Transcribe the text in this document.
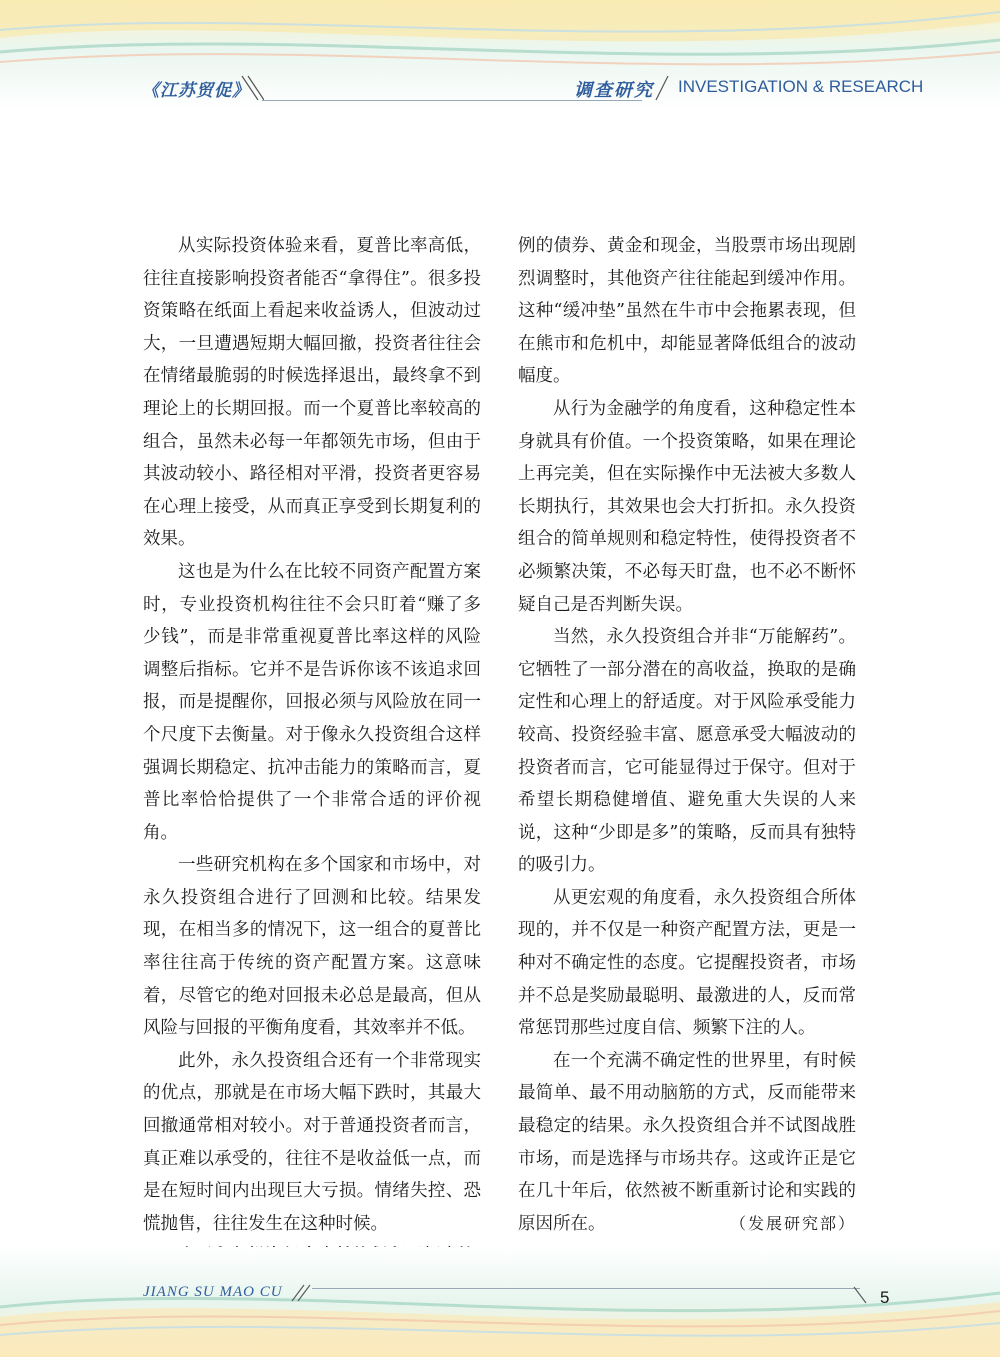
《江苏贸促》	调查研究 INVESTIGATION & RESEARCH

从实际投资体验来看，夏普比率高低，往往直接影响投资者能否“拿得住”。很多投资策略在纸面上看起来收益诱人，但波动过大，一旦遭遇短期大幅回撤，投资者往往会在情绪最脆弱的时候选择退出，最终拿不到理论上的长期回报。而一个夏普比率较高的组合，虽然未必每一年都领先市场，但由于其波动较小、路径相对平滑，投资者更容易在心理上接受，从而真正享受到长期复利的效果。

这也是为什么在比较不同资产配置方案时，专业投资机构往往不会只盯着“赚了多少钱”，而是非常重视夏普比率这样的风险调整后指标。它并不是告诉你该不该追求回报，而是提醒你，回报必须与风险放在同一个尺度下去衡量。对于像永久投资组合这样强调长期稳定、抗冲击能力的策略而言，夏普比率恰恰提供了一个非常合适的评价视角。

一些研究机构在多个国家和市场中，对永久投资组合进行了回测和比较。结果发现，在相当多的情况下，这一组合的夏普比率往往高于传统的资产配置方案。这意味着，尽管它的绝对回报未必总是最高，但从风险与回报的平衡角度看，其效率并不低。

此外，永久投资组合还有一个非常现实的优点，那就是在市场大幅下跌时，其最大回撤通常相对较小。对于普通投资者而言，真正难以承受的，往往不是收益低一点，而是在短时间内出现巨大亏损。情绪失控、恐慌抛售，往往发生在这种时候。

例的债券、黄金和现金，当股票市场出现剧烈调整时，其他资产往往能起到缓冲作用。这种“缓冲垫”虽然在牛市中会拖累表现，但在熊市和危机中，却能显著降低组合的波动幅度。

从行为金融学的角度看，这种稳定性本身就具有价值。一个投资策略，如果在理论上再完美，但在实际操作中无法被大多数人长期执行，其效果也会大打折扣。永久投资组合的简单规则和稳定特性，使得投资者不必频繁决策，不必每天盯盘，也不必不断怀疑自己是否判断失误。

当然，永久投资组合并非“万能解药”。它牺牲了一部分潜在的高收益，换取的是确定性和心理上的舒适度。对于风险承受能力较高、投资经验丰富、愿意承受大幅波动的投资者而言，它可能显得过于保守。但对于希望长期稳健增值、避免重大失误的人来说，这种“少即是多”的策略，反而具有独特的吸引力。

从更宏观的角度看，永久投资组合所体现的，并不仅是一种资产配置方法，更是一种对不确定性的态度。它提醒投资者，市场并不总是奖励最聪明、最激进的人，反而常常惩罚那些过度自信、频繁下注的人。

在一个充满不确定性的世界里，有时候最简单、最不用动脑筋的方式，反而能带来最稳定的结果。永久投资组合并不试图战胜市场，而是选择与市场共存。这或许正是它在几十年后，依然被不断重新讨论和实践的原因所在。	（发展研究部）

JIANG SU MAO CU	5
